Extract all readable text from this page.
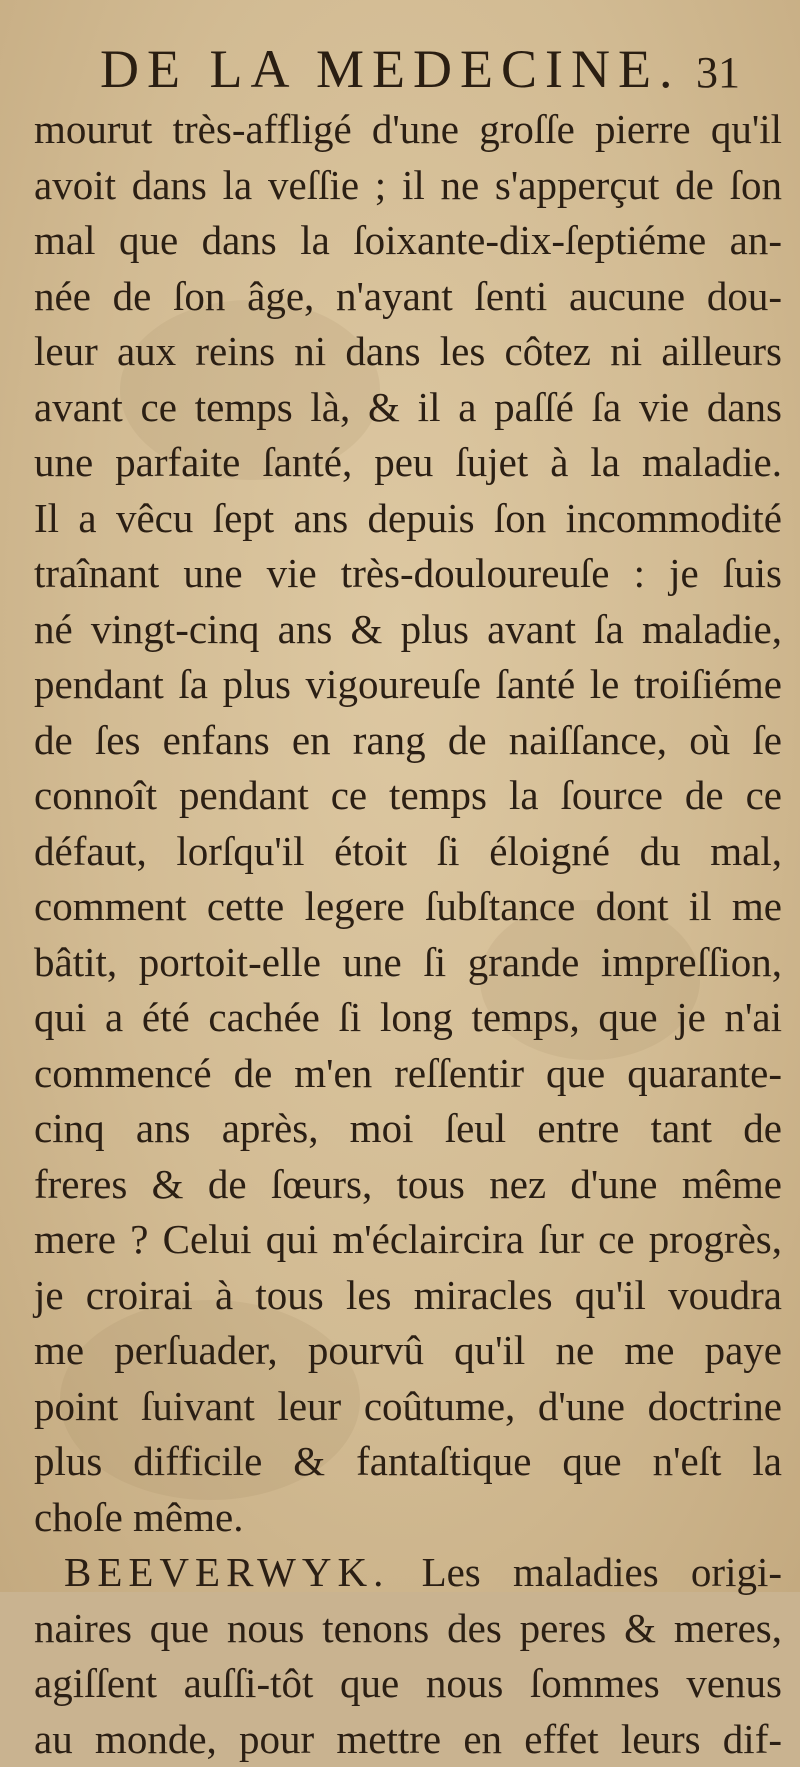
DE LA MEDECINE. 31
mourut très-affligé d'une groſſe pierre qu'il
avoit dans la veſſie ; il ne s'apperçut de ſon
mal que dans la ſoixante-dix-ſeptiéme an-
née de ſon âge, n'ayant ſenti aucune dou-
leur aux reins ni dans les côtez ni ailleurs
avant ce temps là, & il a paſſé ſa vie dans
une parfaite ſanté, peu ſujet à la maladie.
Il a vêcu ſept ans depuis ſon incommodité
traînant une vie très-douloureuſe : je ſuis
né vingt-cinq ans & plus avant ſa maladie,
pendant ſa plus vigoureuſe ſanté le troiſiéme
de ſes enfans en rang de naiſſance, où ſe
connoît pendant ce temps la ſource de ce
défaut, lorſqu'il étoit ſi éloigné du mal,
comment cette legere ſubſtance dont il me
bâtit, portoit-elle une ſi grande impreſſion,
qui a été cachée ſi long temps, que je n'ai
commencé de m'en reſſentir que quarante-
cinq ans après, moi ſeul entre tant de
freres & de ſœurs, tous nez d'une même
mere ? Celui qui m'éclaircira ſur ce progrès,
je croirai à tous les miracles qu'il voudra
me perſuader, pourvû qu'il ne me paye
point ſuivant leur coûtume, d'une doctrine
plus difficile & fantaſtique que n'eſt la
choſe même.
BEEVERWYK. Les maladies origi-
naires que nous tenons des peres & meres,
agiſſent auſſi-tôt que nous ſommes venus
au monde, pour mettre en effet leurs dif-
